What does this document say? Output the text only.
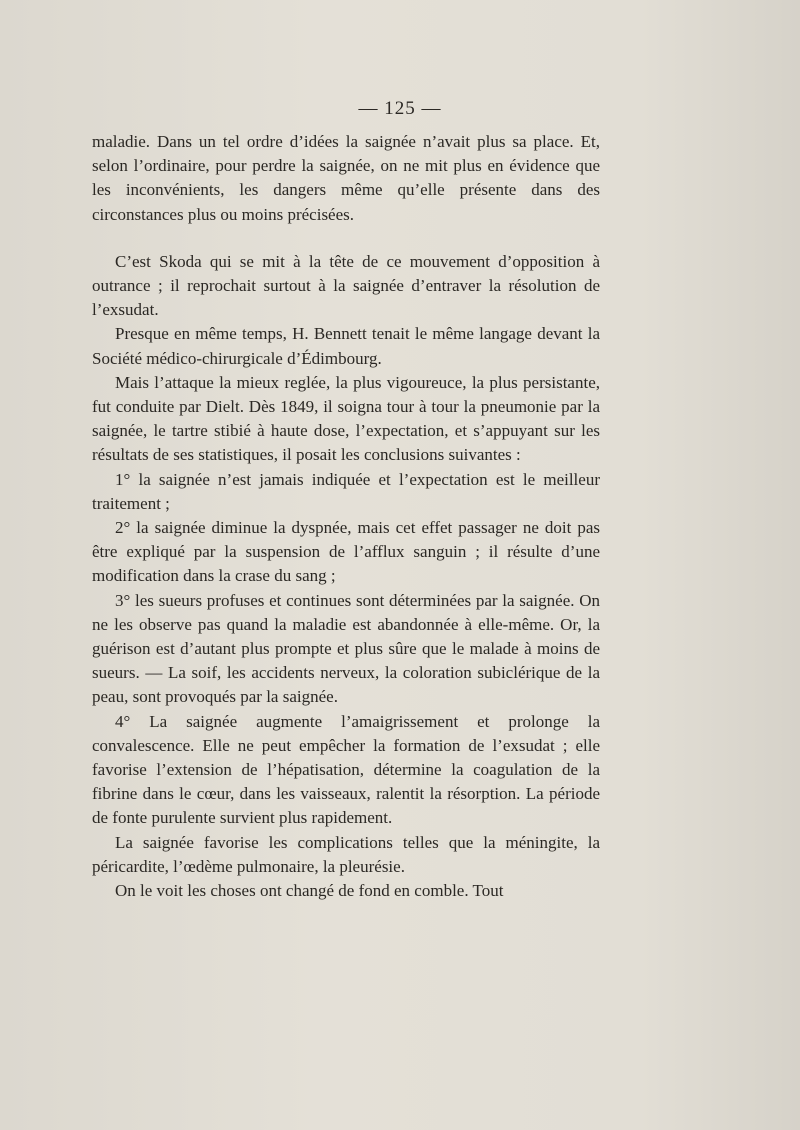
— 125 —

maladie. Dans un tel ordre d’idées la saignée n’avait plus sa place. Et, selon l’ordinaire, pour perdre la saignée, on ne mit plus en évidence que les inconvénients, les dangers même qu’elle présente dans des circonstances plus ou moins précisées.

C’est Skoda qui se mit à la tête de ce mouvement d’opposition à outrance ; il reprochait surtout à la saignée d’entraver la résolution de l’exsudat.

Presque en même temps, H. Bennett tenait le même langage devant la Société médico-chirurgicale d’Édimbourg.

Mais l’attaque la mieux reglée, la plus vigoureuce, la plus persistante, fut conduite par Dielt. Dès 1849, il soigna tour à tour la pneumonie par la saignée, le tartre stibié à haute dose, l’expectation, et s’appuyant sur les résultats de ses statistiques, il posait les conclusions suivantes :

1° la saignée n’est jamais indiquée et l’expectation est le meilleur traitement ;

2° la saignée diminue la dyspnée, mais cet effet passager ne doit pas être expliqué par la suspension de l’afflux sanguin ; il résulte d’une modification dans la crase du sang ;

3° les sueurs profuses et continues sont déterminées par la saignée. On ne les observe pas quand la maladie est abandonnée à elle-même. Or, la guérison est d’autant plus prompte et plus sûre que le malade à moins de sueurs. — La soif, les accidents nerveux, la coloration subiclérique de la peau, sont provoqués par la saignée.

4° La saignée augmente l’amaigrissement et prolonge la convalescence. Elle ne peut empêcher la formation de l’exsudat ; elle favorise l’extension de l’hépatisation, détermine la coagulation de la fibrine dans le cœur, dans les vaisseaux, ralentit la résorption. La période de fonte purulente survient plus rapidement.

La saignée favorise les complications telles que la méningite, la péricardite, l’œdème pulmonaire, la pleurésie.

On le voit les choses ont changé de fond en comble. Tout
